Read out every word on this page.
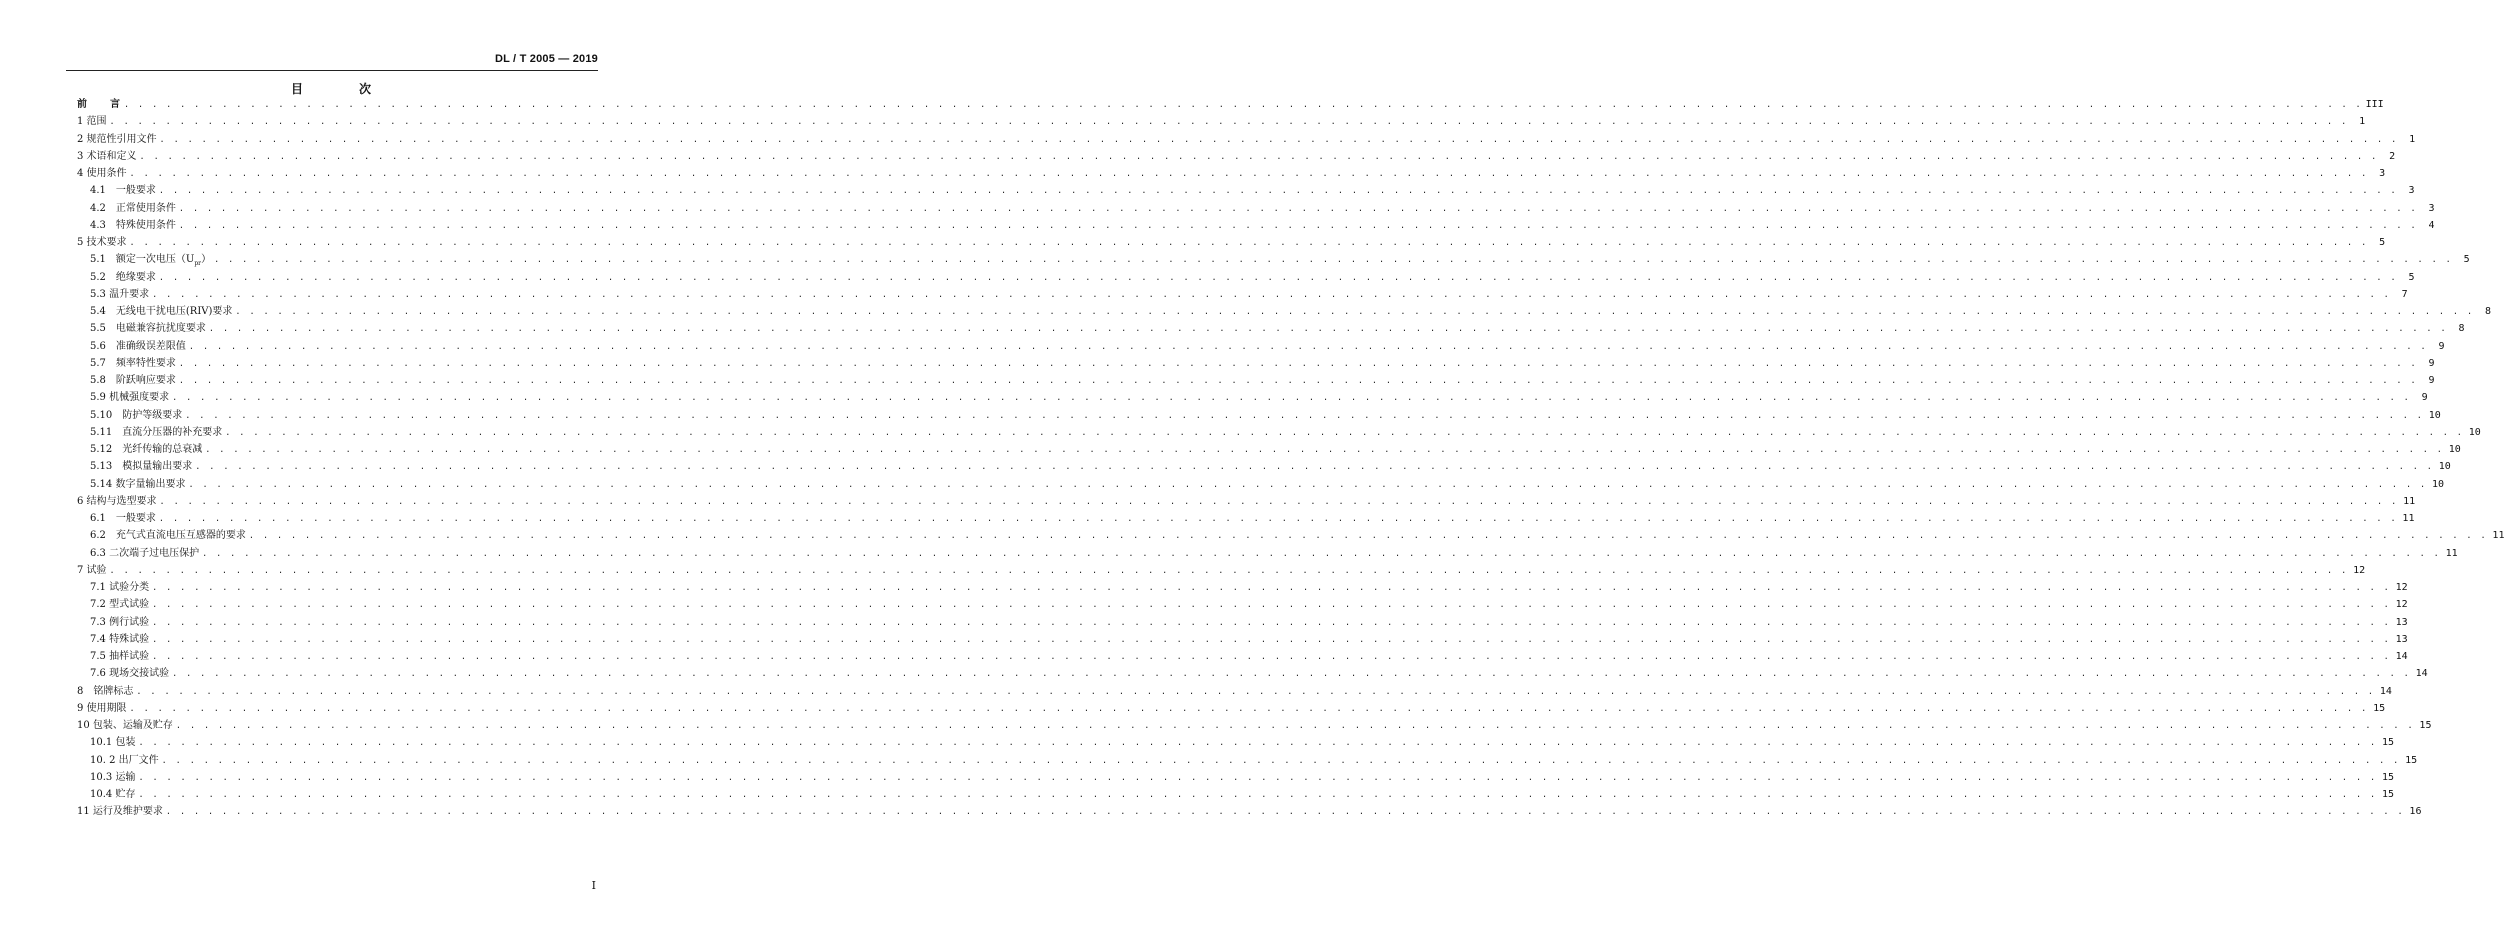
DL / T 2005 — 2019
目　次
前　　言 . . . . . . . . . . . . . . . . . . . . . . . . . . . . . . . . . . . . . . . . . . . . . . . . . . . . . . . . . . . . . . . . . . . . . . . . . . . . . . . . . . . . . . . . . . . . . . . . . . . . . . . . . . . . . . . . . . . . . . . . . . . . . . . . . . . . . . . . . . . . . . . . . . . . . . . . . . . . . . . . III
1 范围 . . . . . . . . . . . . . . . . . . . . . . . . . . . . . . . . . . . . . . . . . . . . . . . . . . . . . . . . . . . . . . . . . . . . . . . . . . . . . . . . . . . . . . . . . . . . . . . . . . . . . . . . . . . . . . . . . . . . . . . . . . . . . . . . . . . . . . . . . . . . . . . . . . . . . . . . . . . . . . . .	1
2 规范性引用文件 . . . . . . . . . . . . . . . . . . . . . . . . . . . . . . . . . . . . . . . . . . . . . . . . . . . . . . . . . . . . . . . . . . . . . . . . . . . . . . . . . . . . . . . . . . . . . . . . . . . . . . . . . . . . . . . . . . . . . . . . . . . . . . . . . . . . . . . . . . . . . . . . . . . . . . . . . . . . . . . .	1
3 术语和定义 . . . . . . . . . . . . . . . . . . . . . . . . . . . . . . . . . . . . . . . . . . . . . . . . . . . . . . . . . . . . . . . . . . . . . . . . . . . . . . . . . . . . . . . . . . . . . . . . . . . . . . . . . . . . . . . . . . . . . . . . . . . . . . . . . . . . . . . . . . . . . . . . . . . . . . . . . . . . . . . .	2
4 使用条件 . . . . . . . . . . . . . . . . . . . . . . . . . . . . . . . . . . . . . . . . . . . . . . . . . . . . . . . . . . . . . . . . . . . . . . . . . . . . . . . . . . . . . . . . . . . . . . . . . . . . . . . . . . . . . . . . . . . . . . . . . . . . . . . . . . . . . . . . . . . . . . . . . . . . . . . . . . . . . . . .	3
4.1　一般要求 . . . . . . . . . . . . . . . . . . . . . . . . . . . . . . . . . . . . . . . . . . . . . . . . . . . . . . . . . . . . . . . . . . . . . . . . . . . . . . . . . . . . . . . . . . . . . . . . . . . . . . . . . . . . . . . . . . . . . . . . . . . . . . . . . . . . . . . . . . . . . . . . . . . . . . . . . . . . . . . .	3
4.2　正常使用条件 . . . . . . . . . . . . . . . . . . . . . . . . . . . . . . . . . . . . . . . . . . . . . . . . . . . . . . . . . . . . . . . . . . . . . . . . . . . . . . . . . . . . . . . . . . . . . . . . . . . . . . . . . . . . . . . . . . . . . . . . . . . . . . . . . . . . . . . . . . . . . . . . . . . . . . . . . . . . . . . .	3
4.3　特殊使用条件 . . . . . . . . . . . . . . . . . . . . . . . . . . . . . . . . . . . . . . . . . . . . . . . . . . . . . . . . . . . . . . . . . . . . . . . . . . . . . . . . . . . . . . . . . . . . . . . . . . . . . . . . . . . . . . . . . . . . . . . . . . . . . . . . . . . . . . . . . . . . . . . . . . . . . . . . . . . . . . . .	4
5 技术要求 . . . . . . . . . . . . . . . . . . . . . . . . . . . . . . . . . . . . . . . . . . . . . . . . . . . . . . . . . . . . . . . . . . . . . . . . . . . . . . . . . . . . . . . . . . . . . . . . . . . . . . . . . . . . . . . . . . . . . . . . . . . . . . . . . . . . . . . . . . . . . . . . . . . . . . . . . . . . . . . .	5
5.1　额定一次电压$(U_{pr})$ . . . . . . . . . . . . . . . . . . . . . . . . . . . . . . . . . . . . . . . . . . . . . . . . . . . . . . . . . . . . . . . . . . . . . . . . . . . . . . . . . . . . . . . . . . . . . . . . . . . . . . . . . . . . . . . . . . . . . . . . . . . . . . . . . . . . . . . . . . . . . . . . . . . . . . . . . . . . . . . .	5
5.2　绝缘要求 . . . . . . . . . . . . . . . . . . . . . . . . . . . . . . . . . . . . . . . . . . . . . . . . . . . . . . . . . . . . . . . . . . . . . . . . . . . . . . . . . . . . . . . . . . . . . . . . . . . . . . . . . . . . . . . . . . . . . . . . . . . . . . . . . . . . . . . . . . . . . . . . . . . . . . . . . . . . . . . .	5
5.3 温升要求 . . . . . . . . . . . . . . . . . . . . . . . . . . . . . . . . . . . . . . . . . . . . . . . . . . . . . . . . . . . . . . . . . . . . . . . . . . . . . . . . . . . . . . . . . . . . . . . . . . . . . . . . . . . . . . . . . . . . . . . . . . . . . . . . . . . . . . . . . . . . . . . . . . . . . . . . . . . . . . . .	7
5.4　无线电干扰电压(RIV)要求 . . . . . . . . . . . . . . . . . . . . . . . . . . . . . . . . . . . . . . . . . . . . . . . . . . . . . . . . . . . . . . . . . . . . . . . . . . . . . . . . . . . . . . . . . . . . . . . . . . . . . . . . . . . . . . . . . . . . . . . . . . . . . . . . . . . . . . . . . . . . . . . . . . . . . . . . . . . . . . . .	8
5.5　电磁兼容抗扰度要求 . . . . . . . . . . . . . . . . . . . . . . . . . . . . . . . . . . . . . . . . . . . . . . . . . . . . . . . . . . . . . . . . . . . . . . . . . . . . . . . . . . . . . . . . . . . . . . . . . . . . . . . . . . . . . . . . . . . . . . . . . . . . . . . . . . . . . . . . . . . . . . . . . . . . . . . . . . . . . . . .	8
5.6　准确级误差限值 . . . . . . . . . . . . . . . . . . . . . . . . . . . . . . . . . . . . . . . . . . . . . . . . . . . . . . . . . . . . . . . . . . . . . . . . . . . . . . . . . . . . . . . . . . . . . . . . . . . . . . . . . . . . . . . . . . . . . . . . . . . . . . . . . . . . . . . . . . . . . . . . . . . . . . . . . . . . . . . .	9
5.7　频率特性要求 . . . . . . . . . . . . . . . . . . . . . . . . . . . . . . . . . . . . . . . . . . . . . . . . . . . . . . . . . . . . . . . . . . . . . . . . . . . . . . . . . . . . . . . . . . . . . . . . . . . . . . . . . . . . . . . . . . . . . . . . . . . . . . . . . . . . . . . . . . . . . . . . . . . . . . . . . . . . . . . .	9
5.8　阶跃响应要求 . . . . . . . . . . . . . . . . . . . . . . . . . . . . . . . . . . . . . . . . . . . . . . . . . . . . . . . . . . . . . . . . . . . . . . . . . . . . . . . . . . . . . . . . . . . . . . . . . . . . . . . . . . . . . . . . . . . . . . . . . . . . . . . . . . . . . . . . . . . . . . . . . . . . . . . . . . . . . . . .	9
5.9 机械强度要求 . . . . . . . . . . . . . . . . . . . . . . . . . . . . . . . . . . . . . . . . . . . . . . . . . . . . . . . . . . . . . . . . . . . . . . . . . . . . . . . . . . . . . . . . . . . . . . . . . . . . . . . . . . . . . . . . . . . . . . . . . . . . . . . . . . . . . . . . . . . . . . . . . . . . . . . . . . . . . . . .	9
5.10　防护等级要求 . . . . . . . . . . . . . . . . . . . . . . . . . . . . . . . . . . . . . . . . . . . . . . . . . . . . . . . . . . . . . . . . . . . . . . . . . . . . . . . . . . . . . . . . . . . . . . . . . . . . . . . . . . . . . . . . . . . . . . . . . . . . . . . . . . . . . . . . . . . . . . . . . . . . . . . . . . . . . . . . 10
5.11　直流分压器的补充要求 . . . . . . . . . . . . . . . . . . . . . . . . . . . . . . . . . . . . . . . . . . . . . . . . . . . . . . . . . . . . . . . . . . . . . . . . . . . . . . . . . . . . . . . . . . . . . . . . . . . . . . . . . . . . . . . . . . . . . . . . . . . . . . . . . . . . . . . . . . . . . . . . . . . . . . . . . . . . . . . . 10
5.12　光纤传输的总衰减 . . . . . . . . . . . . . . . . . . . . . . . . . . . . . . . . . . . . . . . . . . . . . . . . . . . . . . . . . . . . . . . . . . . . . . . . . . . . . . . . . . . . . . . . . . . . . . . . . . . . . . . . . . . . . . . . . . . . . . . . . . . . . . . . . . . . . . . . . . . . . . . . . . . . . . . . . . . . . . . . 10
5.13　模拟量输出要求 . . . . . . . . . . . . . . . . . . . . . . . . . . . . . . . . . . . . . . . . . . . . . . . . . . . . . . . . . . . . . . . . . . . . . . . . . . . . . . . . . . . . . . . . . . . . . . . . . . . . . . . . . . . . . . . . . . . . . . . . . . . . . . . . . . . . . . . . . . . . . . . . . . . . . . . . . . . . . . . . 10
5.14 数字量输出要求 . . . . . . . . . . . . . . . . . . . . . . . . . . . . . . . . . . . . . . . . . . . . . . . . . . . . . . . . . . . . . . . . . . . . . . . . . . . . . . . . . . . . . . . . . . . . . . . . . . . . . . . . . . . . . . . . . . . . . . . . . . . . . . . . . . . . . . . . . . . . . . . . . . . . . . . . . . . . . . . . 10
6 结构与选型要求 . . . . . . . . . . . . . . . . . . . . . . . . . . . . . . . . . . . . . . . . . . . . . . . . . . . . . . . . . . . . . . . . . . . . . . . . . . . . . . . . . . . . . . . . . . . . . . . . . . . . . . . . . . . . . . . . . . . . . . . . . . . . . . . . . . . . . . . . . . . . . . . . . . . . . . . . . . . . . . . . 11
6.1　一般要求 . . . . . . . . . . . . . . . . . . . . . . . . . . . . . . . . . . . . . . . . . . . . . . . . . . . . . . . . . . . . . . . . . . . . . . . . . . . . . . . . . . . . . . . . . . . . . . . . . . . . . . . . . . . . . . . . . . . . . . . . . . . . . . . . . . . . . . . . . . . . . . . . . . . . . . . . . . . . . . . . 11
6.2　充气式直流电压互感器的要求 . . . . . . . . . . . . . . . . . . . . . . . . . . . . . . . . . . . . . . . . . . . . . . . . . . . . . . . . . . . . . . . . . . . . . . . . . . . . . . . . . . . . . . . . . . . . . . . . . . . . . . . . . . . . . . . . . . . . . . . . . . . . . . . . . . . . . . . . . . . . . . . . . . . . . . . . . . . . . . . . 11
6.3 二次端子过电压保护 . . . . . . . . . . . . . . . . . . . . . . . . . . . . . . . . . . . . . . . . . . . . . . . . . . . . . . . . . . . . . . . . . . . . . . . . . . . . . . . . . . . . . . . . . . . . . . . . . . . . . . . . . . . . . . . . . . . . . . . . . . . . . . . . . . . . . . . . . . . . . . . . . . . . . . . . . . . . . . . . 11
7 试验 . . . . . . . . . . . . . . . . . . . . . . . . . . . . . . . . . . . . . . . . . . . . . . . . . . . . . . . . . . . . . . . . . . . . . . . . . . . . . . . . . . . . . . . . . . . . . . . . . . . . . . . . . . . . . . . . . . . . . . . . . . . . . . . . . . . . . . . . . . . . . . . . . . . . . . . . . . . . . . . . 12
7.1 试验分类 . . . . . . . . . . . . . . . . . . . . . . . . . . . . . . . . . . . . . . . . . . . . . . . . . . . . . . . . . . . . . . . . . . . . . . . . . . . . . . . . . . . . . . . . . . . . . . . . . . . . . . . . . . . . . . . . . . . . . . . . . . . . . . . . . . . . . . . . . . . . . . . . . . . . . . . . . . . . . . . . 12
7.2 型式试验 . . . . . . . . . . . . . . . . . . . . . . . . . . . . . . . . . . . . . . . . . . . . . . . . . . . . . . . . . . . . . . . . . . . . . . . . . . . . . . . . . . . . . . . . . . . . . . . . . . . . . . . . . . . . . . . . . . . . . . . . . . . . . . . . . . . . . . . . . . . . . . . . . . . . . . . . . . . . . . . . 12
7.3 例行试验 . . . . . . . . . . . . . . . . . . . . . . . . . . . . . . . . . . . . . . . . . . . . . . . . . . . . . . . . . . . . . . . . . . . . . . . . . . . . . . . . . . . . . . . . . . . . . . . . . . . . . . . . . . . . . . . . . . . . . . . . . . . . . . . . . . . . . . . . . . . . . . . . . . . . . . . . . . . . . . . . 13
7.4 特殊试验 . . . . . . . . . . . . . . . . . . . . . . . . . . . . . . . . . . . . . . . . . . . . . . . . . . . . . . . . . . . . . . . . . . . . . . . . . . . . . . . . . . . . . . . . . . . . . . . . . . . . . . . . . . . . . . . . . . . . . . . . . . . . . . . . . . . . . . . . . . . . . . . . . . . . . . . . . . . . . . . . 13
7.5 抽样试验 . . . . . . . . . . . . . . . . . . . . . . . . . . . . . . . . . . . . . . . . . . . . . . . . . . . . . . . . . . . . . . . . . . . . . . . . . . . . . . . . . . . . . . . . . . . . . . . . . . . . . . . . . . . . . . . . . . . . . . . . . . . . . . . . . . . . . . . . . . . . . . . . . . . . . . . . . . . . . . . . 14
7.6 现场交接试验 . . . . . . . . . . . . . . . . . . . . . . . . . . . . . . . . . . . . . . . . . . . . . . . . . . . . . . . . . . . . . . . . . . . . . . . . . . . . . . . . . . . . . . . . . . . . . . . . . . . . . . . . . . . . . . . . . . . . . . . . . . . . . . . . . . . . . . . . . . . . . . . . . . . . . . . . . . . . . . . . 14
8　铭牌标志 . . . . . . . . . . . . . . . . . . . . . . . . . . . . . . . . . . . . . . . . . . . . . . . . . . . . . . . . . . . . . . . . . . . . . . . . . . . . . . . . . . . . . . . . . . . . . . . . . . . . . . . . . . . . . . . . . . . . . . . . . . . . . . . . . . . . . . . . . . . . . . . . . . . . . . . . . . . . . . . . 14
9 使用期限 . . . . . . . . . . . . . . . . . . . . . . . . . . . . . . . . . . . . . . . . . . . . . . . . . . . . . . . . . . . . . . . . . . . . . . . . . . . . . . . . . . . . . . . . . . . . . . . . . . . . . . . . . . . . . . . . . . . . . . . . . . . . . . . . . . . . . . . . . . . . . . . . . . . . . . . . . . . . . . . . 15
10 包装、运输及贮存 . . . . . . . . . . . . . . . . . . . . . . . . . . . . . . . . . . . . . . . . . . . . . . . . . . . . . . . . . . . . . . . . . . . . . . . . . . . . . . . . . . . . . . . . . . . . . . . . . . . . . . . . . . . . . . . . . . . . . . . . . . . . . . . . . . . . . . . . . . . . . . . . . . . . . . . . . . . . . . . . 15
10.1 包装 . . . . . . . . . . . . . . . . . . . . . . . . . . . . . . . . . . . . . . . . . . . . . . . . . . . . . . . . . . . . . . . . . . . . . . . . . . . . . . . . . . . . . . . . . . . . . . . . . . . . . . . . . . . . . . . . . . . . . . . . . . . . . . . . . . . . . . . . . . . . . . . . . . . . . . . . . . . . . . . . 15
10. 2 出厂文件 . . . . . . . . . . . . . . . . . . . . . . . . . . . . . . . . . . . . . . . . . . . . . . . . . . . . . . . . . . . . . . . . . . . . . . . . . . . . . . . . . . . . . . . . . . . . . . . . . . . . . . . . . . . . . . . . . . . . . . . . . . . . . . . . . . . . . . . . . . . . . . . . . . . . . . . . . . . . . . . . 15
10.3 运输 . . . . . . . . . . . . . . . . . . . . . . . . . . . . . . . . . . . . . . . . . . . . . . . . . . . . . . . . . . . . . . . . . . . . . . . . . . . . . . . . . . . . . . . . . . . . . . . . . . . . . . . . . . . . . . . . . . . . . . . . . . . . . . . . . . . . . . . . . . . . . . . . . . . . . . . . . . . . . . . . 15
10.4 贮存 . . . . . . . . . . . . . . . . . . . . . . . . . . . . . . . . . . . . . . . . . . . . . . . . . . . . . . . . . . . . . . . . . . . . . . . . . . . . . . . . . . . . . . . . . . . . . . . . . . . . . . . . . . . . . . . . . . . . . . . . . . . . . . . . . . . . . . . . . . . . . . . . . . . . . . . . . . . . . . . . 15
11 运行及维护要求 . . . . . . . . . . . . . . . . . . . . . . . . . . . . . . . . . . . . . . . . . . . . . . . . . . . . . . . . . . . . . . . . . . . . . . . . . . . . . . . . . . . . . . . . . . . . . . . . . . . . . . . . . . . . . . . . . . . . . . . . . . . . . . . . . . . . . . . . . . . . . . . . . . . . . . . . . . . . . . . . 16
I
